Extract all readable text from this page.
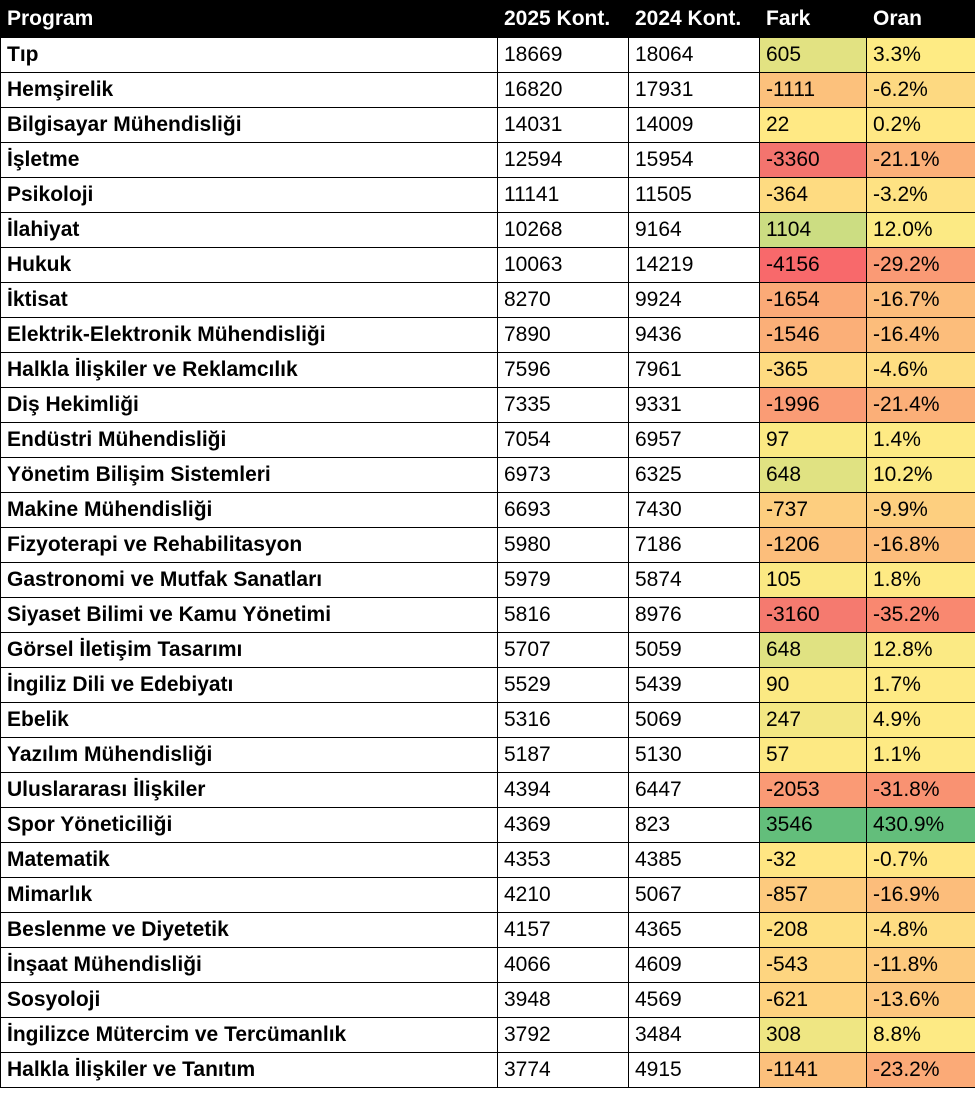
Program	2025 Kont.	2024 Kont.	Fark	Oran
Tıp	18669	18064	605	3.3%
Hemşirelik	16820	17931	-1111	-6.2%
Bilgisayar Mühendisliği	14031	14009	22	0.2%
İşletme	12594	15954	-3360	-21.1%
Psikoloji	11141	11505	-364	-3.2%
İlahiyat	10268	9164	1104	12.0%
Hukuk	10063	14219	-4156	-29.2%
İktisat	8270	9924	-1654	-16.7%
Elektrik-Elektronik Mühendisliği	7890	9436	-1546	-16.4%
Halkla İlişkiler ve Reklamcılık	7596	7961	-365	-4.6%
Diş Hekimliği	7335	9331	-1996	-21.4%
Endüstri Mühendisliği	7054	6957	97	1.4%
Yönetim Bilişim Sistemleri	6973	6325	648	10.2%
Makine Mühendisliği	6693	7430	-737	-9.9%
Fizyoterapi ve Rehabilitasyon	5980	7186	-1206	-16.8%
Gastronomi ve Mutfak Sanatları	5979	5874	105	1.8%
Siyaset Bilimi ve Kamu Yönetimi	5816	8976	-3160	-35.2%
Görsel İletişim Tasarımı	5707	5059	648	12.8%
İngiliz Dili ve Edebiyatı	5529	5439	90	1.7%
Ebelik	5316	5069	247	4.9%
Yazılım Mühendisliği	5187	5130	57	1.1%
Uluslararası İlişkiler	4394	6447	-2053	-31.8%
Spor Yöneticiliği	4369	823	3546	430.9%
Matematik	4353	4385	-32	-0.7%
Mimarlık	4210	5067	-857	-16.9%
Beslenme ve Diyetetik	4157	4365	-208	-4.8%
İnşaat Mühendisliği	4066	4609	-543	-11.8%
Sosyoloji	3948	4569	-621	-13.6%
İngilizce Mütercim ve Tercümanlık	3792	3484	308	8.8%
Halkla İlişkiler ve Tanıtım	3774	4915	-1141	-23.2%
